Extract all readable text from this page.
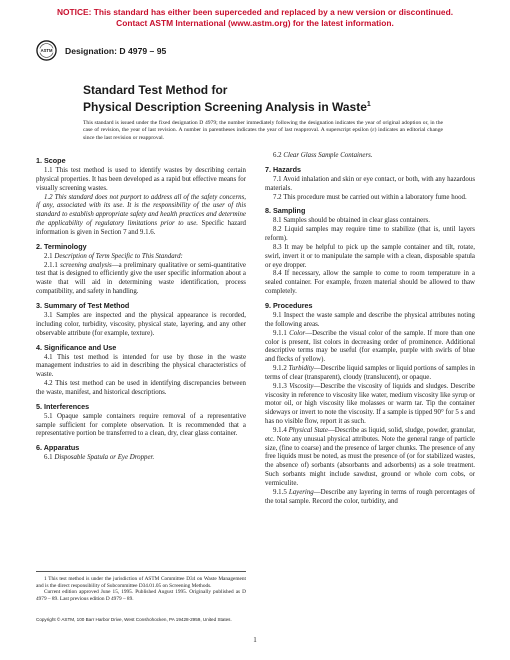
NOTICE: This standard has either been superceded and replaced by a new version or discontinued.
Contact ASTM International (www.astm.org) for the latest information.
ASTM Designation: D 4979 – 95
Standard Test Method for
Physical Description Screening Analysis in Waste$^1$
This standard is issued under the fixed designation D 4979; the number immediately following the designation indicates the year of original adoption or, in the case of revision, the year of last revision. A number in parentheses indicates the year of last reapproval. A superscript epsilon (ε) indicates an editorial change since the last revision or reapproval.
1. Scope

1.1 This test method is used to identify wastes by describing certain physical properties. It has been developed as a rapid but effective means for visually screening wastes.

1.2 This standard does not purport to address all of the safety concerns, if any, associated with its use. It is the responsibility of the user of this standard to establish appropriate safety and health practices and determine the applicability of regulatory limitations prior to use. Specific hazard information is given in Section 7 and 9.1.6.

2. Terminology

2.1 Description of Term Specific to This Standard:

2.1.1 screening analysis—a preliminary qualitative or semi-quantitative test that is designed to efficiently give the user specific information about a waste that will aid in determining waste identification, process compatibility, and safety in handling.

3. Summary of Test Method

3.1 Samples are inspected and the physical appearance is recorded, including color, turbidity, viscosity, physical state, layering, and any other observable attribute (for example, texture).

4. Significance and Use

4.1 This test method is intended for use by those in the waste management industries to aid in describing the physical characteristics of waste.

4.2 This test method can be used in identifying discrepancies between the waste, manifest, and historical descriptions.

5. Interferences

5.1 Opaque sample containers require removal of a representative sample sufficient for complete observation. It is recommended that a representative portion be transferred to a clean, dry, clear glass container.

6. Apparatus

6.1 Disposable Spatula or Eye Dropper.

6.2 Clear Glass Sample Containers.

7. Hazards

7.1 Avoid inhalation and skin or eye contact, or both, with any hazardous materials.

7.2 This procedure must be carried out within a laboratory fume hood.

8. Sampling

8.1 Samples should be obtained in clear glass containers.

8.2 Liquid samples may require time to stabilize (that is, until layers reform).

8.3 It may be helpful to pick up the sample container and tilt, rotate, swirl, invert it or to manipulate the sample with a clean, disposable spatula or eye dropper.

8.4 If necessary, allow the sample to come to room temperature in a sealed container. For example, frozen material should be allowed to thaw completely.

9. Procedures

9.1 Inspect the waste sample and describe the physical attributes noting the following areas.

9.1.1 Color—Describe the visual color of the sample. If more than one color is present, list colors in decreasing order of prominence. Additional descriptive terms may be useful (for example, purple with swirls of blue and flecks of yellow).

9.1.2 Turbidity—Describe liquid samples or liquid portions of samples in terms of clear (transparent), cloudy (translucent), or opaque.

9.1.3 Viscosity—Describe the viscosity of liquids and sludges. Describe viscosity in reference to viscosity like water, medium viscosity like syrup or motor oil, or high viscosity like molasses or warm tar. Tip the container sideways or invert to note the viscosity. If a sample is tipped 90° for 5 s and has no visible flow, report it as such.

9.1.4 Physical State—Describe as liquid, solid, sludge, powder, granular, etc. Note any unusual physical attributes. Note the general range of particle size, (fine to coarse) and the presence of larger chunks. The presence of any free liquids must be noted, as must the presence of (or for stabilized wastes, the absence of) sorbants (absorbants and adsorbents) as a sole treatment. Such sorbants might include sawdust, ground or whole corn cobs, or vermiculite.

9.1.5 Layering—Describe any layering in terms of rough percentages of the total sample. Record the color, turbidity, and

1 This test method is under the jurisdiction of ASTM Committee D34 on Waste Management and is the direct responsibility of Subcommittee D34.01.05 on Screening Methods.

Current edition approved June 15, 1995. Published August 1995. Originally published as D 4979 – 89. Last previous edition D 4979 – 89.

Copyright © ASTM, 100 Barr Harbor Drive, West Conshohocken, PA 19428-2959, United States.
1
